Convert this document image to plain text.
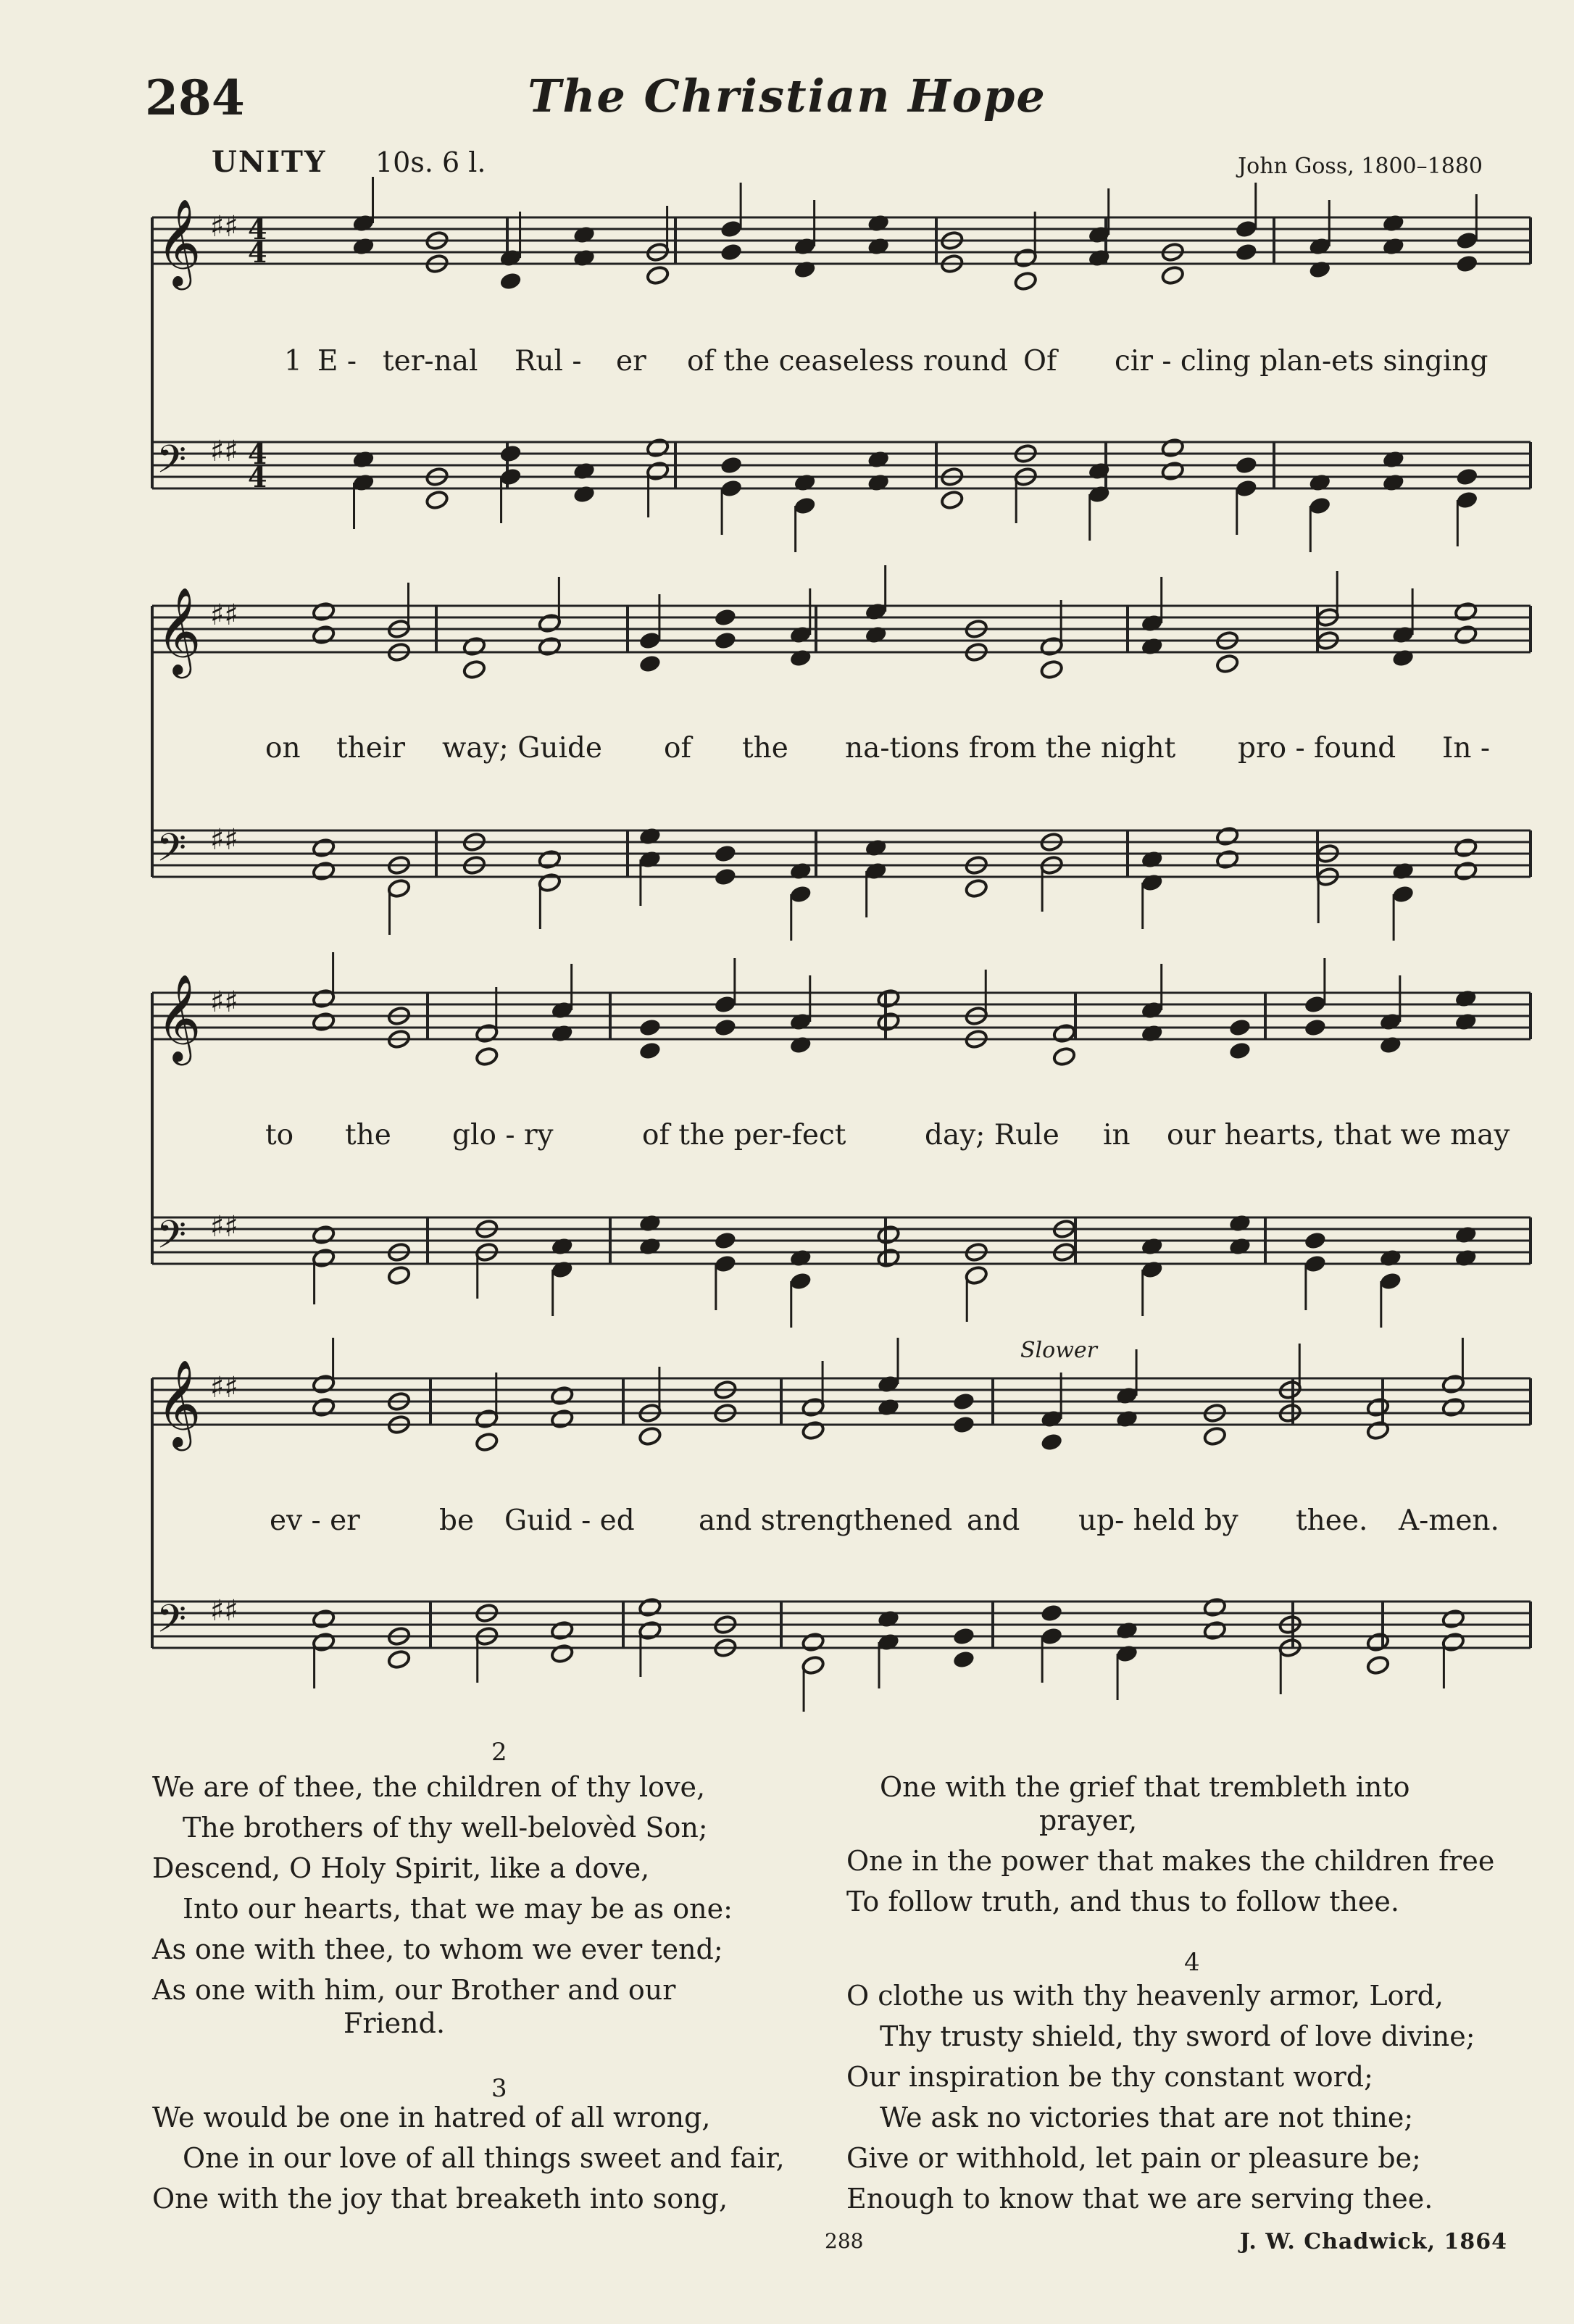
284	The Christian Hope
UNITY 10s. 6 l.	John Goss, 1800–1880
𝄞 ♯♯ 4
4
𝄢 ♯♯ 4
4
𝄞 ♯♯
𝄢 ♯♯
𝄞 ♯♯
𝄢 ♯♯
𝄞 ♯♯
𝄢 ♯♯
Slower
1 E - ter-nal Rul - er of the ceaseless round Of cir - cling plan-ets singing
on their way; Guide of the na-tions from the night pro - found In -
to the glo - ry	of the per-fect	day; Rule in our hearts, that we may
ev - er	be Guid - ed and strengthened and up- held by thee. A-men.
2
We are of thee, the children of thy love,
The brothers of thy well-belovèd Son;
Descend, O Holy Spirit, like a dove,
Into our hearts, that we may be as one:
As one with thee, to whom we ever tend;
As one with him, our Brother and our
Friend.
3
We would be one in hatred of all wrong,
One in our love of all things sweet and fair,
One with the joy that breaketh into song,
One with the grief that trembleth into
prayer,
One in the power that makes the children free
To follow truth, and thus to follow thee.
4
O clothe us with thy heavenly armor, Lord,
Thy trusty shield, thy sword of love divine;
Our inspiration be thy constant word;
We ask no victories that are not thine;
Give or withhold, let pain or pleasure be;
Enough to know that we are serving thee.
288	J. W. Chadwick, 1864
